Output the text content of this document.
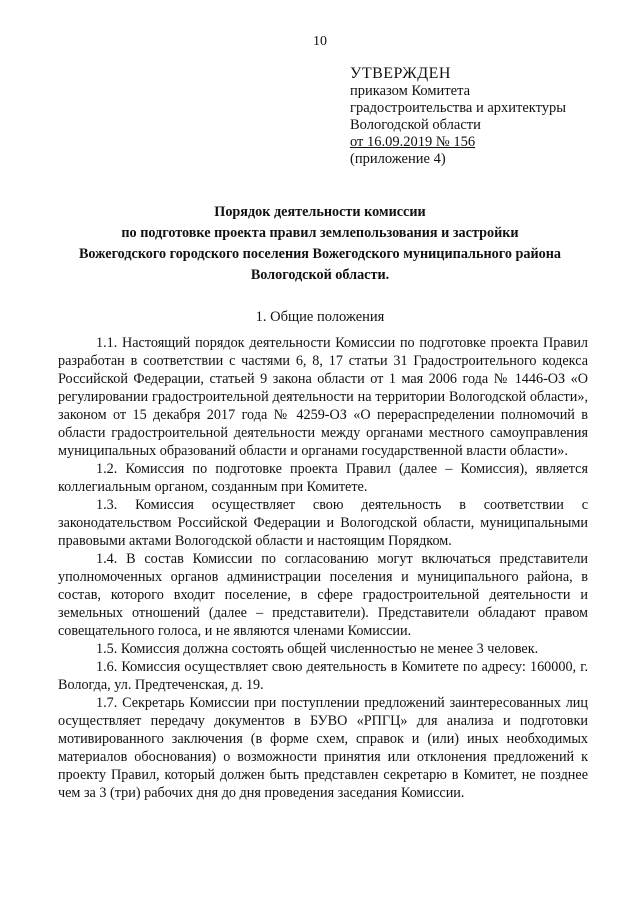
10
УТВЕРЖДЕН
приказом Комитета
градостроительства и архитектуры
Вологодской области
от 16.09.2019 № 156
(приложение 4)
Порядок деятельности комиссии
по подготовке проекта правил землепользования и застройки
Вожегодского городского поселения Вожегодского муниципального района
Вологодской области.
1. Общие положения

1.1. Настоящий порядок деятельности Комиссии по подготовке проекта Правил разработан в соответствии с частями 6, 8, 17 статьи 31 Градостроительного кодекса Российской Федерации, статьей 9 закона области от 1 мая 2006 года № 1446-ОЗ «О регулировании градостроительной деятельности на территории Вологодской области», законом от 15 декабря 2017 года № 4259-ОЗ «О перераспределении полномочий в области градостроительной деятельности между органами местного самоуправления муниципальных образований области и органами государственной власти области».

1.2. Комиссия по подготовке проекта Правил (далее – Комиссия), является коллегиальным органом, созданным при Комитете.

1.3. Комиссия осуществляет свою деятельность в соответствии с законодательством Российской Федерации и Вологодской области, муниципальными правовыми актами Вологодской области и настоящим Порядком.

1.4. В состав Комиссии по согласованию могут включаться представители уполномоченных органов администрации поселения и муниципального района, в состав, которого входит поселение, в сфере градостроительной деятельности и земельных отношений (далее – представители). Представители обладают правом совещательного голоса, и не являются членами Комиссии.

1.5. Комиссия должна состоять общей численностью не менее 3 человек.

1.6. Комиссия осуществляет свою деятельность в Комитете по адресу: 160000, г. Вологда, ул. Предтеченская, д. 19.

1.7. Секретарь Комиссии при поступлении предложений заинтересованных лиц осуществляет передачу документов в БУВО «РПГЦ» для анализа и подготовки мотивированного заключения (в форме схем, справок и (или) иных необходимых материалов обоснования) о возможности принятия или отклонения предложений к проекту Правил, который должен быть представлен секретарю в Комитет, не позднее чем за 3 (три) рабочих дня до дня проведения заседания Комиссии.
